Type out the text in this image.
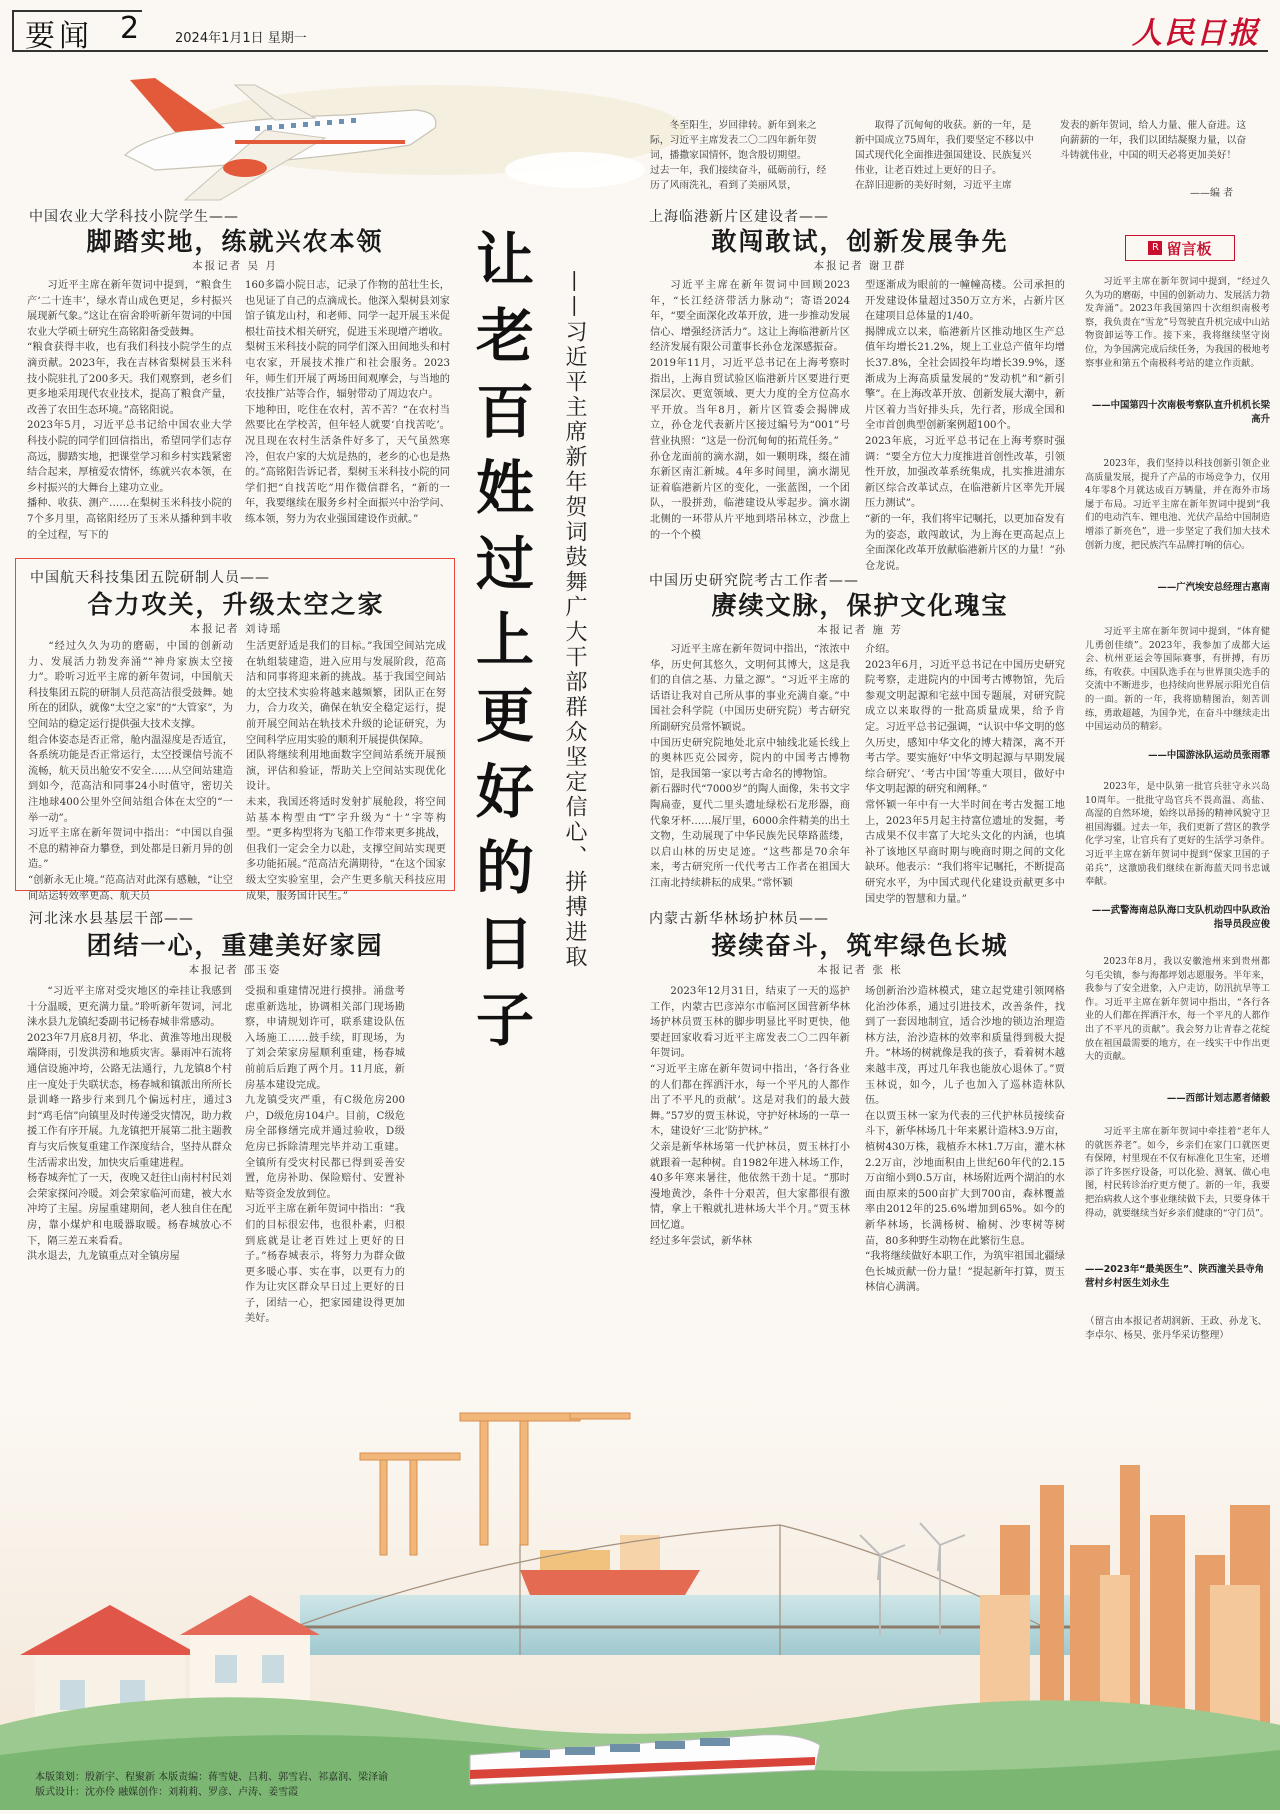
要闻 2	2024年1月1日 星期一	人民日报
冬至阳生，岁回律转。新年到来之际，习近平主席发表二〇二四年新年贺词，播撒家国情怀，饱含殷切期望。
过去一年，我们接续奋斗，砥砺前行，经历了风雨洗礼，看到了美丽风景，
取得了沉甸甸的收获。新的一年，是新中国成立75周年，我们要坚定不移以中国式现代化全面推进强国建设、民族复兴伟业，让老百姓过上更好的日子。
在辞旧迎新的美好时刻，习近平主席
发表的新年贺词，给人力量、催人奋进。这向薪薪的一年，我们以团结凝聚力量，以奋斗铸就伟业，中国的明天必将更加美好！
——编 者
让
老
百
姓
过
上
更
好
的
日
子
——习近平主席新年贺词鼓舞广大干部群众坚定信心、拼搏进取
中国农业大学科技小院学生——
脚踏实地，练就兴农本领
本报记者 吴 月
习近平主席在新年贺词中提到，“粮食生产‘二十连丰’，绿水青山成色更足，乡村振兴展现新气象。”这让在宿舍聆听新年贺词的中国农业大学硕士研究生高铭阳备受鼓舞。
“粮食获得丰收，也有我们科技小院学生的点滴贡献。2023年，我在吉林省梨树县玉米科技小院驻扎了200多天。我们观察到，老乡们更多地采用现代农业技术，提高了粮食产量，改善了农田生态环境。”高铭阳说。
2023年5月，习近平总书记给中国农业大学科技小院的同学们回信指出，希望同学们志存高远，脚踏实地，把课堂学习和乡村实践紧密结合起来，厚植爱农情怀，练就兴农本领，在乡村振兴的大舞台上建功立业。
播种、收获、测产……在梨树玉米科技小院的7个多月里，高铭阳经历了玉米从播种到丰收的全过程，写下的
160多篇小院日志，记录了作物的茁壮生长，也见证了自己的点滴成长。他深入梨树县刘家馆子镇龙山村，和老师、同学一起开展玉米促根壮苗技术相关研究，促进玉米现增产增收。
梨树玉米科技小院的同学们深入田间地头和村屯农家，开展技术推广和社会服务。2023年，师生们开展了两场田间观摩会，与当地的农技推广站等合作，辐射带动了周边农户。
下地种田，吃住在农村，苦不苦？“在农村当然要比在学校苦，但年轻人就要‘自找苦吃’。况且现在农村生活条件好多了，天气虽然寒冷，但农户家的大炕是热的，老乡的心也是热的。”高铭阳告诉记者，梨树玉米科技小院的同学们把“自找苦吃”用作微信群名，“新的一年，我要继续在服务乡村全面振兴中治学问、练本领，努力为农业强国建设作贡献。”
中国航天科技集团五院研制人员——
合力攻关，升级太空之家
本报记者 刘诗瑶
“经过久久为功的磨砺，中国的创新动力、发展活力勃发奔涌”“神舟家族太空接力”。聆听习近平主席的新年贺词，中国航天科技集团五院的研制人员范高洁很受鼓舞。她所在的团队，就像“太空之家”的“大管家”，为空间站的稳定运行提供强大技术支撑。
组合体姿态是否正常，舱内温湿度是否适宜，各系统功能是否正常运行，太空授课信号流不流畅，航天员出舱安不安全……从空间站建造到如今，范高洁和同事24小时值守，密切关注地球400公里外空间站组合体在太空的“一举一动”。
习近平主席在新年贺词中指出：“中国以自强不息的精神奋力攀登，到处都是日新月异的创造。”
“创新永无止境。”范高洁对此深有感触，“让空间站运转效率更高、航天员
生活更舒适是我们的目标。”我国空间站完成在轨组装建造，进入应用与发展阶段，范高洁和同事将迎来新的挑战。基于我国空间站的太空技术实验将越来越频繁，团队正在努力，合力攻关，确保在轨安全稳定运行，提前开展空间站在轨技术升级的论证研究，为空间科学应用实验的顺利开展提供保障。
团队将继续利用地面数字空间站系统开展预演，评估和验证，帮助关上空间站实现优化设计。
未来，我国还将适时发射扩展舱段，将空间站基本构型由“T”字升级为“十”字等构型。“更多构型将为飞船工作带来更多挑战，但我们一定会全力以赴，支撑空间站实现更多功能拓展。”范高洁充满期待，“在这个国家级太空实验室里，会产生更多航天科技应用成果，服务国计民生。”
河北涞水县基层干部——
团结一心，重建美好家园
本报记者 邵玉姿
“习近平主席对受灾地区的牵挂让我感到十分温暖，更充满力量。”聆听新年贺词，河北涞水县九龙镇纪委副书记杨春城非常感动。
2023年7月底8月初，华北、黄淮等地出现极端降雨，引发洪涝和地质灾害。暴雨冲石流将通信设施冲垮，公路无法通行，九龙镇8个村庄一度处于失联状态，杨春城和镇派出所所长景训峰一路步行来到几个偏远村庄，通过3封“鸡毛信”向镇里及时传递受灾情况，助力救援工作有序开展。九龙镇把开展第二批主题教育与灾后恢复重建工作深度结合，坚持从群众生活需求出发，加快灾后重建进程。
杨春城奔忙了一天，夜晚又赶往山南村村民刘会荣家探问冷暖。刘会荣家临河而建，被大水冲垮了主屋。房屋重建期间，老人独自住在配房，靠小煤炉和电暖器取暖。杨春城放心不下，隔三差五来看看。
洪水退去，九龙镇重点对全镇房屋
受损和重建情况进行摸排。涌盘考虑重新选址，协调相关部门现场勘察，申请规划许可，联系建设队伍入场施工……鼓手续，盯现场，为了刘会荣家房屋顺利重建，杨春城前前后后跑了两个月。11月底，新房基本建设完成。
九龙镇受灾严重，有C级危房200户，D级危房104户。目前，C级危房全部修缮完成并通过验收，D级危房已拆除清理完毕并动工重建。全镇所有受灾村民都已得到妥善安置，危房补助、保险赔付、安置补贴等资金发放到位。
习近平主席在新年贺词中指出：“我们的目标很宏伟，也很朴素，归根到底就是让老百姓过上更好的日子。”杨春城表示，将努力为群众做更多暖心事、实在事，以更有力的作为让灾区群众早日过上更好的日子，团结一心，把家园建设得更加美好。
上海临港新片区建设者——
敢闯敢试，创新发展争先
本报记者 谢卫群
习近平主席在新年贺词中回顾2023年，“长江经济带活力脉动”；寄语2024年，“要全面深化改革开放，进一步推动发展信心、增强经济活力”。这让上海临港新片区经济发展有限公司董事长孙仓龙深感振奋。
2019年11月，习近平总书记在上海考察时指出，上海自贸试验区临港新片区要进行更深层次、更宽领域、更大力度的全方位高水平开放。当年8月，新片区管委会揭牌成立，孙仓龙代表新片区接过编号为“001”号营业执照：“这是一份沉甸甸的拓荒任务。”
孙仓龙面前的滴水湖，如一颗明珠，缀在浦东新区南汇新城。4年多时间里，滴水湖见证着临港新片区的变化，一张蓝图，一个团队，一股拼劲，临港建设从零起步。滴水湖北侧的一环带从片平地到塔吊林立，沙盘上的一个个模
型逐渐成为眼前的一幢幢高楼。公司承担的开发建设体量超过350万立方米，占新片区在建项目总体量的1/40。
揭牌成立以来，临港新片区推动地区生产总值年均增长21.2%，规上工业总产值年均增长37.8%，全社会固投年均增长39.9%，逐渐成为上海高质量发展的“发动机”和“新引擎”。在上海改革开放、创新发展大潮中，新片区着力当好排头兵，先行者，形成全国和全市首创典型创新案例超100个。
2023年底，习近平总书记在上海考察时强调：“要全方位大力度推进首创性改革，引领性开放，加强改革系统集成，扎实推进浦东新区综合改革试点，在临港新片区率先开展压力测试”。
“新的一年，我们将牢记嘱托，以更加奋发有为的姿态，敢闯敢试，为上海在更高起点上全面深化改革开放献临港新片区的力量！”孙仓龙说。
中国历史研究院考古工作者——
赓续文脉，保护文化瑰宝
本报记者 施 芳
习近平主席在新年贺词中指出，“浓浓中华，历史何其悠久，文明何其博大，这是我们的自信之基、力量之源”。“习近平主席的话语让我对自己所从事的事业充满自豪。”中国社会科学院（中国历史研究院）考古研究所副研究员常怀颖说。
中国历史研究院地处北京中轴线北延长线上的奥林匹克公园旁，院内的中国考古博物馆，是我国第一家以考古命名的博物馆。
新石器时代“7000岁”的陶人面像，朱书文字陶扁壶，夏代二里头遗址绿松石龙形器，商代象牙杯……展厅里，6000余件精美的出土文物，生动展现了中华民族先民筚路蓝缕，以启山林的历史足迹。“这些都是70余年来，考古研究所一代代考古工作者在祖国大江南北持续耕耘的成果。”常怀颖
介绍。
2023年6月，习近平总书记在中国历史研究院考察，走进院内的中国考古博物馆，先后参观文明起源和宅兹中国专题展，对研究院成立以来取得的一批高质量成果，给予肯定。习近平总书记强调，“认识中华文明的悠久历史，感知中华文化的博大精深，离不开考古学。要实施好‘中华文明起源与早期发展综合研究’、‘考古中国’等重大项目，做好中华文明起源的研究和阐释。”
常怀颖一年中有一大半时间在考古发掘工地上，2023年5月起主持富位遗址的发掘，考古成果不仅丰富了大坨头文化的内涵，也填补了该地区早商时期与晚商时期之间的文化缺环。他表示：“我们将牢记嘱托，不断提高研究水平，为中国式现代化建设贡献更多中国史学的智慧和力量。”
内蒙古新华林场护林员——
接续奋斗，筑牢绿色长城
本报记者 张 枨
2023年12月31日，结束了一天的巡护工作，内蒙古巴彦淖尔市临河区国营新华林场护林员贾玉林的脚步明显比平时更快，他要赶回家收看习近平主席发表二〇二四年新年贺词。
“习近平主席在新年贺词中指出，‘各行各业的人们都在挥洒汗水，每一个平凡的人都作出了不平凡的贡献’。这是对我们的最大鼓舞。”57岁的贾玉林说，守护好林场的一草一木，建设好‘三北’防护林。”
父亲是新华林场第一代护林员，贾玉林打小就跟着一起种树。自1982年进入林场工作，40多年寒来暑往，他依然干劲十足。“那时漫地黄沙，条件十分艰苦，但大家都很有激情，拿上干粮就扎进林场大半个月。”贾玉林回忆道。
经过多年尝试，新华林
场创新治沙造林模式，建立起党建引领网格化治沙体系，通过引进技术，改善条件，找到了一套因地制宜，适合沙地的锁边治理造林方法，治沙造林的效率和质量得到极大提升。“林场的树就像是我的孩子，看着树木越来越丰茂，再过几年我也能放心退休了。”贾玉林说，如今，儿子也加入了巡林造林队伍。
在以贾玉林一家为代表的三代护林员接续奋斗下，新华林场几十年来累计造林3.9万亩，植树430万株，栽植乔木林1.7万亩，灌木林2.2万亩，沙地面积由上世纪60年代的2.15万亩缩小到0.5万亩，林场附近两个湖泊的水面由原来的500亩扩大到700亩，森林覆盖率由2012年的25.6%增加到65%。如今的新华林场，长满杨树、榆树、沙枣树等树苗，80多种野生动物在此繁衍生息。
“我将继续做好本职工作，为筑牢祖国北疆绿色长城贡献一份力量！”提起新年打算，贾玉林信心满满。
R 留言板
习近平主席在新年贺词中提到，“经过久久为功的磨砺，中国的创新动力、发展活力勃发奔涌”。2023年我国第四十次组织南极考察，我负责在“雪龙”号驾驶直升机完成中山站物资卸运等工作。接下来，我将继续坚守岗位，为争国满完成后续任务，为我国的极地考察事业和第五个南极科考站的建立作贡献。
——中国第四十次南极考察队直升机机长梁高升
2023年，我们坚持以科技创新引领企业高质量发展，提升了产品的市场竞争力，仅用4年零8个月就达成百万辆量，并在海外市场屡于布局。习近平主席在新年贺词中提到“我们的电动汽车、锂电池、光伏产品给中国制造增添了新亮色”，进一步坚定了我们加大技术创新力度，把民族汽车品牌打响的信心。
——广汽埃安总经理古惠南
习近平主席在新年贺词中提到，“体育健儿勇创佳绩”。2023年，我参加了成都大运会、杭州亚运会等国际赛事，有拼搏，有历练，有收获。中国队选手在与世界顶尖选手的交流中不断进步，也持续向世界展示阳光自信的一面。新的一年，我将励精图治，刻苦训练，勇敢超越，为国争光，在奋斗中继续走出中国运动员的精彩。
——中国游泳队运动员张雨霏
2023年，是中队第一批官兵驻守永兴岛10周年。一批批守岛官兵不畏高温、高盐、高湿的自然环境，始终以昂扬的精神风貌守卫祖国海疆。过去一年，我们更新了营区的教学化学习室，让官兵有了更好的生活学习条件。习近平主席在新年贺词中提到“保家卫国的子弟兵”，这激励我们继续在新海蓝天同书忠诚奉献。
——武警海南总队海口支队机动四中队政治指导员段应俊
2023年8月，我以安徽池州来到贵州都匀毛尖镇，参与海都坪划志愿服务。半年来，我参与了安全进象，入户走访，防汛抗旱等工作。习近平主席在新年贺词中指出，“各行各业的人们都在挥洒汗水，每一个平凡的人都作出了不平凡的贡献”。我会努力让青春之花绽放在祖国最需要的地方，在一线实干中作出更大的贡献。
——西部计划志愿者储毅
习近平主席在新年贺词中牵挂着“老年人的就医养老”。如今，乡亲们在家门口就医更有保障，村里现在不仅有标准化卫生室，还增添了许多医疗设备，可以化验、测氧、做心电图，村民转诊治疗更方便了。新的一年，我要把治病救人这个事业继续做下去，只要身体干得动，就要继续当好乡亲们健康的“守门员”。
——2023年“最美医生”、陕西潼关县寺角营村乡村医生刘永生
（留言由本报记者胡润新、王政、孙龙飞、李卓尔、杨昊、张丹华采访整理）
本版策划：殷新宇、程聚新 本版责编：蒋雪婕、吕莉、郭雪岩、祁嘉润、梁泽谕
版式设计：沈亦伶 融媒创作：刘莉莉、罗彦、卢涛、姜雪霞
